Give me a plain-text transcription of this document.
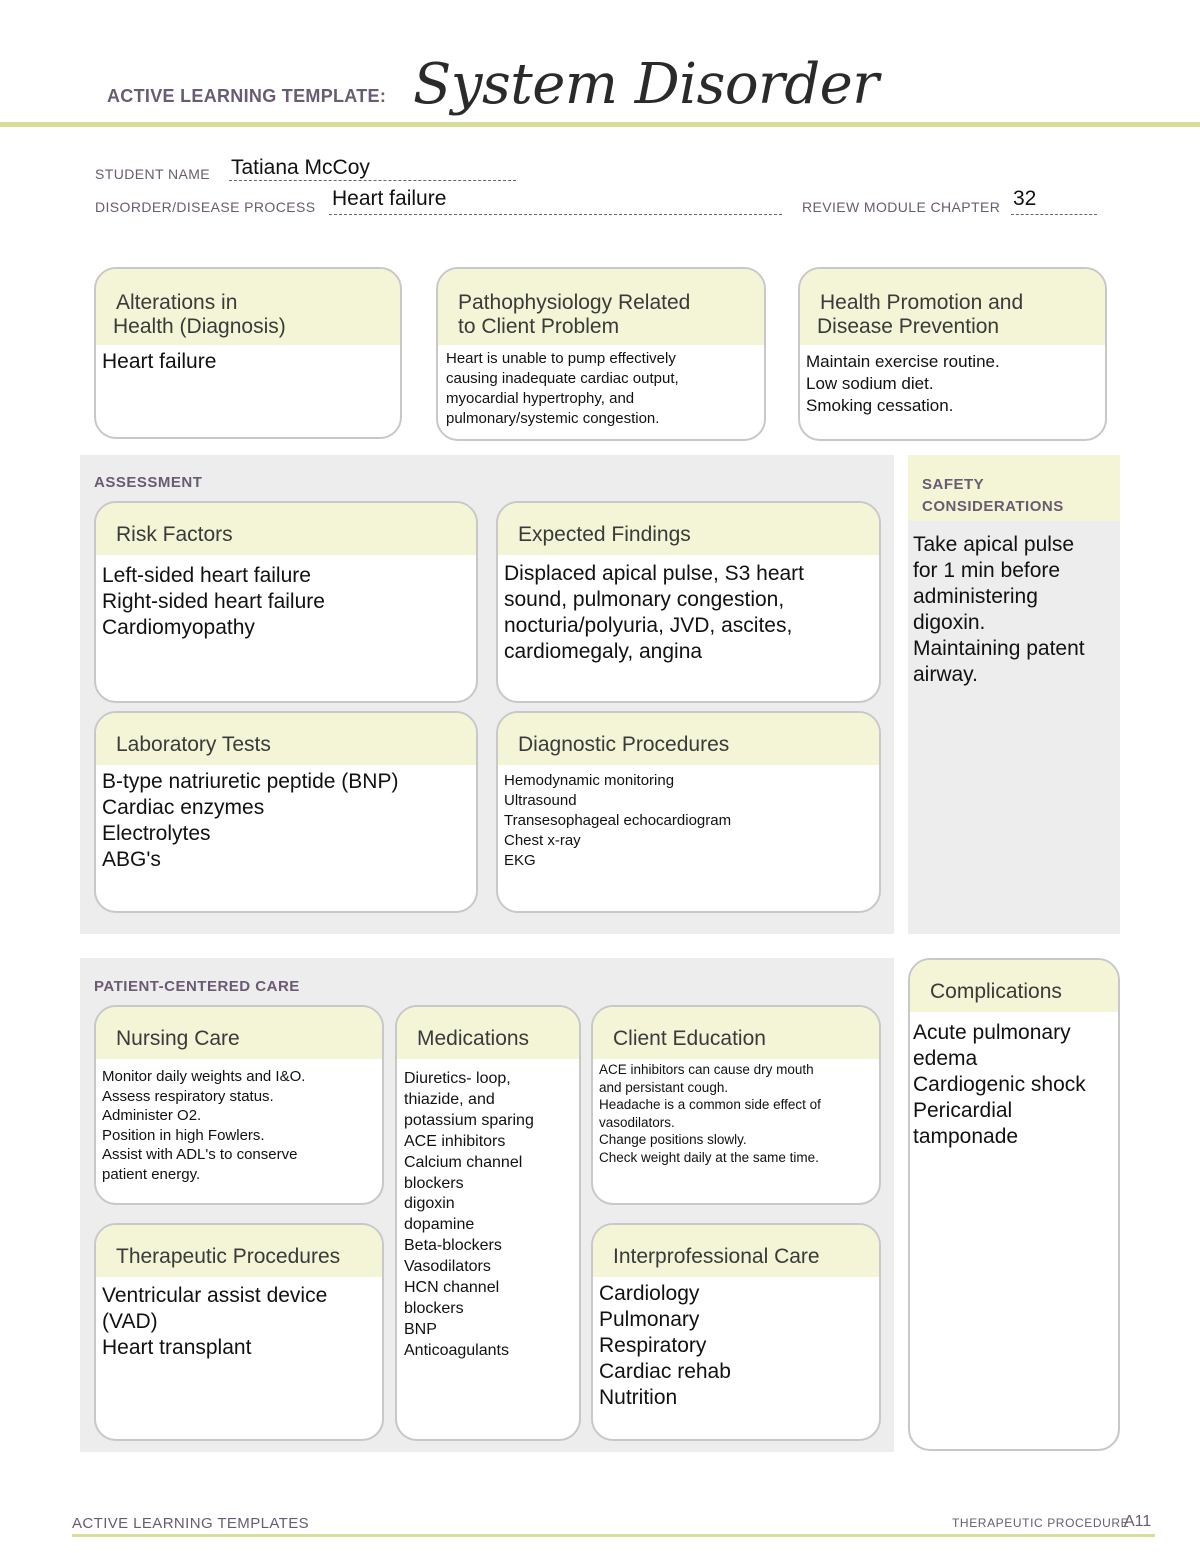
ACTIVE LEARNING TEMPLATE: System Disorder
STUDENT NAME Tatiana McCoy
DISORDER/DISEASE PROCESS Heart failure	REVIEW MODULE CHAPTER 32
Alterations in
Health (Diagnosis)
Heart failure
Pathophysiology Related
to Client Problem
Heart is unable to pump effectively
causing inadequate cardiac output,
myocardial hypertrophy, and
pulmonary/systemic congestion.
Health Promotion and
Disease Prevention
Maintain exercise routine.
Low sodium diet.
Smoking cessation.
ASSESSMENT
Risk Factors
Left-sided heart failure
Right-sided heart failure
Cardiomyopathy
Expected Findings
Displaced apical pulse, S3 heart
sound, pulmonary congestion,
nocturia/polyuria, JVD, ascites,
cardiomegaly, angina
Laboratory Tests
B-type natriuretic peptide (BNP)
Cardiac enzymes
Electrolytes
ABG's
Diagnostic Procedures
Hemodynamic monitoring
Ultrasound
Transesophageal echocardiogram
Chest x-ray
EKG
SAFETY
CONSIDERATIONS
Take apical pulse
for 1 min before
administering
digoxin.
Maintaining patent
airway.
PATIENT-CENTERED CARE
Nursing Care
Monitor daily weights and I&O.
Assess respiratory status.
Administer O2.
Position in high Fowlers.
Assist with ADL's to conserve
patient energy.
Medications
Diuretics- loop,
thiazide, and
potassium sparing
ACE inhibitors
Calcium channel
blockers
digoxin
dopamine
Beta-blockers
Vasodilators
HCN channel
blockers
BNP
Anticoagulants
Client Education
ACE inhibitors can cause dry mouth
and persistant cough.
Headache is a common side effect of
vasodilators.
Change positions slowly.
Check weight daily at the same time.
Therapeutic Procedures
Ventricular assist device
(VAD)
Heart transplant
Interprofessional Care
Cardiology
Pulmonary
Respiratory
Cardiac rehab
Nutrition
Complications
Acute pulmonary
edema
Cardiogenic shock
Pericardial
tamponade
ACTIVE LEARNING TEMPLATES	THERAPEUTIC PROCEDURE
A11
